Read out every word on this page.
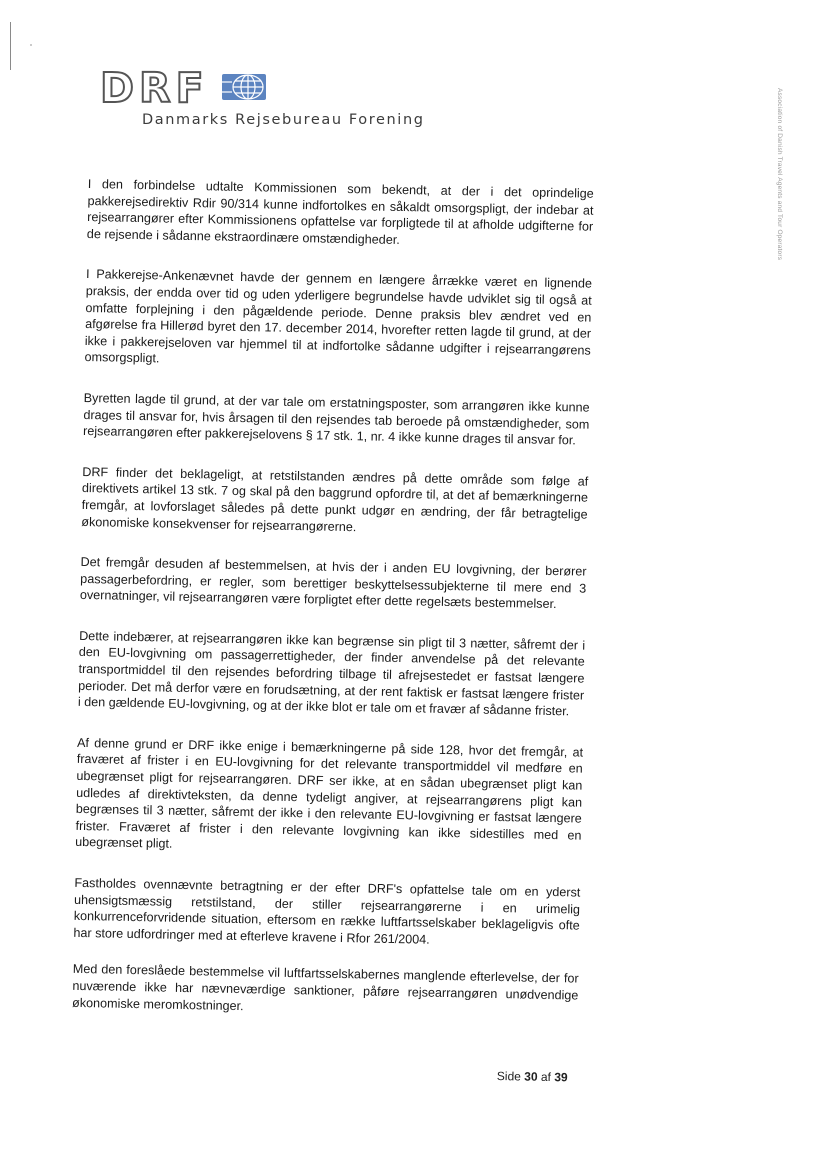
DRF
Danmarks Rejsebureau Forening	Association of Danish Travel Agents and Tour Operators

I den forbindelse udtalte Kommissionen som bekendt, at der i det oprindelige pakkerejsedirektiv Rdir 90/314 kunne indfortolkes en såkaldt omsorgspligt, der indebar at rejsearrangører efter Kommissionens opfattelse var forpligtede til at afholde udgifterne for de rejsende i sådanne ekstraordinære omstændigheder.

I Pakkerejse-Ankenævnet havde der gennem en længere årrække været en lignende praksis, der endda over tid og uden yderligere begrundelse havde udviklet sig til også at omfatte forplejning i den pågældende periode. Denne praksis blev ændret ved en afgørelse fra Hillerød byret den 17. december 2014, hvorefter retten lagde til grund, at der ikke i pakkerejseloven var hjemmel til at indfortolke sådanne udgifter i rejsearrangørens omsorgspligt.

Byretten lagde til grund, at der var tale om erstatningsposter, som arrangøren ikke kunne drages til ansvar for, hvis årsagen til den rejsendes tab beroede på omstændigheder, som rejsearrangøren efter pakkerejselovens § 17 stk. 1, nr. 4 ikke kunne drages til ansvar for.

DRF finder det beklageligt, at retstilstanden ændres på dette område som følge af direktivets artikel 13 stk. 7 og skal på den baggrund opfordre til, at det af bemærkningerne fremgår, at lovforslaget således på dette punkt udgør en ændring, der får betragtelige økonomiske konsekvenser for rejsearrangørerne.

Det fremgår desuden af bestemmelsen, at hvis der i anden EU lovgivning, der berører passagerbefordring, er regler, som berettiger beskyttelsessubjekterne til mere end 3 overnatninger, vil rejsearrangøren være forpligtet efter dette regelsæts bestemmelser.

Dette indebærer, at rejsearrangøren ikke kan begrænse sin pligt til 3 nætter, såfremt der i den EU-lovgivning om passagerrettigheder, der finder anvendelse på det relevante transportmiddel til den rejsendes befordring tilbage til afrejsestedet er fastsat længere perioder. Det må derfor være en forudsætning, at der rent faktisk er fastsat længere frister i den gældende EU-lovgivning, og at der ikke blot er tale om et fravær af sådanne frister.

Af denne grund er DRF ikke enige i bemærkningerne på side 128, hvor det fremgår, at fraværet af frister i en EU-lovgivning for det relevante transportmiddel vil medføre en ubegrænset pligt for rejsearrangøren. DRF ser ikke, at en sådan ubegrænset pligt kan udledes af direktivteksten, da denne tydeligt angiver, at rejsearrangørens pligt kan begrænses til 3 nætter, såfremt der ikke i den relevante EU-lovgivning er fastsat længere frister. Fraværet af frister i den relevante lovgivning kan ikke sidestilles med en ubegrænset pligt.

Fastholdes ovennævnte betragtning er der efter DRF's opfattelse tale om en yderst uhensigtsmæssig retstilstand, der stiller rejsearrangørerne i en urimelig konkurrenceforvridende situation, eftersom en række luftfartsselskaber beklageligvis ofte har store udfordringer med at efterleve kravene i Rfor 261/2004.

Med den foreslåede bestemmelse vil luftfartsselskabernes manglende efterlevelse, der for nuværende ikke har nævneværdige sanktioner, påføre rejsearrangøren unødvendige økonomiske meromkostninger.

Side 30 af 39
